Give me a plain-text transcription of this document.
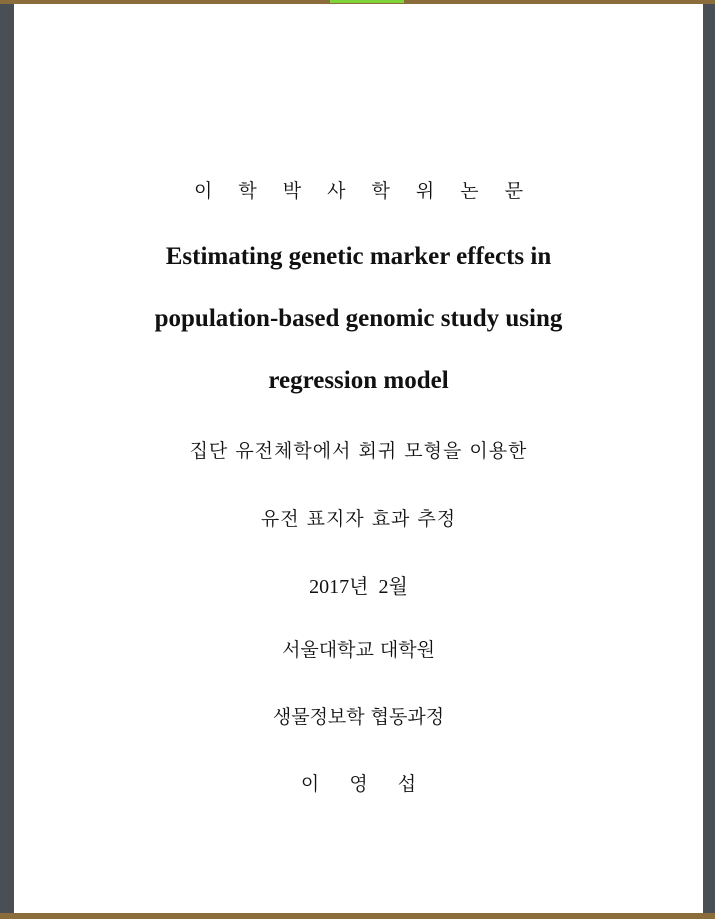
이 학 박 사 학 위 논 문
Estimating genetic marker effects in
population-based genomic study using
regression model
집단 유전체학에서 회귀 모형을 이용한
유전 표지자 효과 추정
2017년  2월
서울대학교 대학원
생물정보학 협동과정
이 영 섭
